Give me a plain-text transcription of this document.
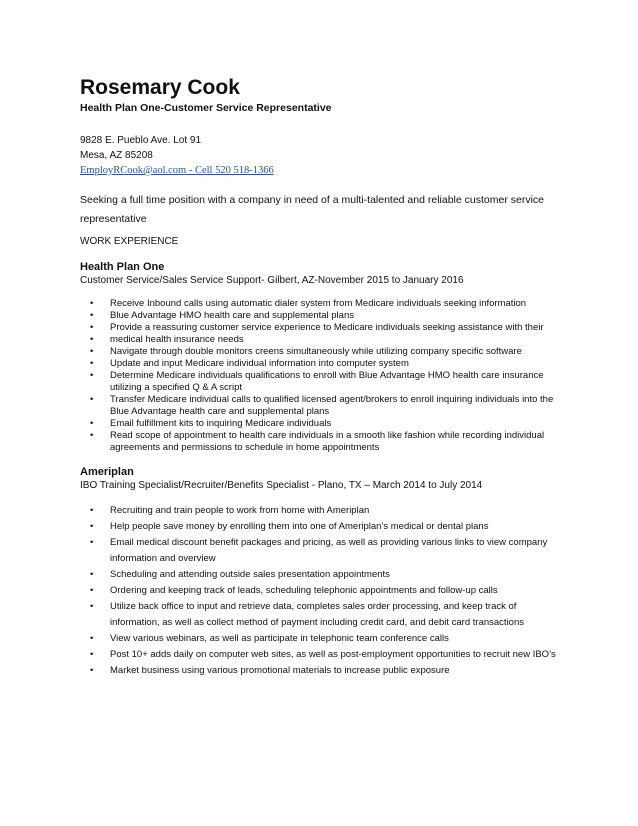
Rosemary Cook
Health Plan One-Customer Service Representative
9828 E. Pueblo Ave. Lot 91
Mesa, AZ 85208
EmployRCook@aol.com - Cell 520 518-1366
Seeking a full time position with a company in need of a multi-talented and reliable customer service representative
WORK EXPERIENCE
Health Plan One
Customer Service/Sales Service Support- Gilbert, AZ-November 2015 to January 2016
• Receive Inbound calls using automatic dialer system from Medicare individuals seeking information
• Blue Advantage HMO health care and supplemental plans
• Provide a reassuring customer service experience to Medicare individuals seeking assistance with their
• medical health insurance needs
• Navigate through double monitors creens simultaneously while utilizing company specific software
• Update and input Medicare individual information into computer system
• Determine Medicare individuals qualifications to enroll with Blue Advantage HMO health care insurance utilizing a specified Q & A script
• Transfer Medicare individual calls to qualified licensed agent/brokers to enroll inquiring individuals into the Blue Advantage health care and supplemental plans
• Email fulfillment kits to inquiring Medicare individuals
• Read scope of appointment to health care individuals in a smooth like fashion while recording individual agreements and permissions to schedule in home appointments
Ameriplan
IBO Training Specialist/Recruiter/Benefits Specialist - Plano, TX – March 2014 to July 2014
• Recruiting and train people to work from home with Ameriplan
• Help people save money by enrolling them into one of Ameriplan’s medical or dental plans
• Email medical discount benefit packages and pricing, as well as providing various links to view company information and overview
• Scheduling and attending outside sales presentation appointments
• Ordering and keeping track of leads, scheduling telephonic appointments and follow-up calls
• Utilize back office to input and retrieve data, completes sales order processing, and keep track of information, as well as collect method of payment including credit card, and debit card transactions
• View various webinars, as well as participate in telephonic team conference calls
• Post 10+ adds daily on computer web sites, as well as post-employment opportunities to recruit new IBO’s
• Market business using various promotional materials to increase public exposure
